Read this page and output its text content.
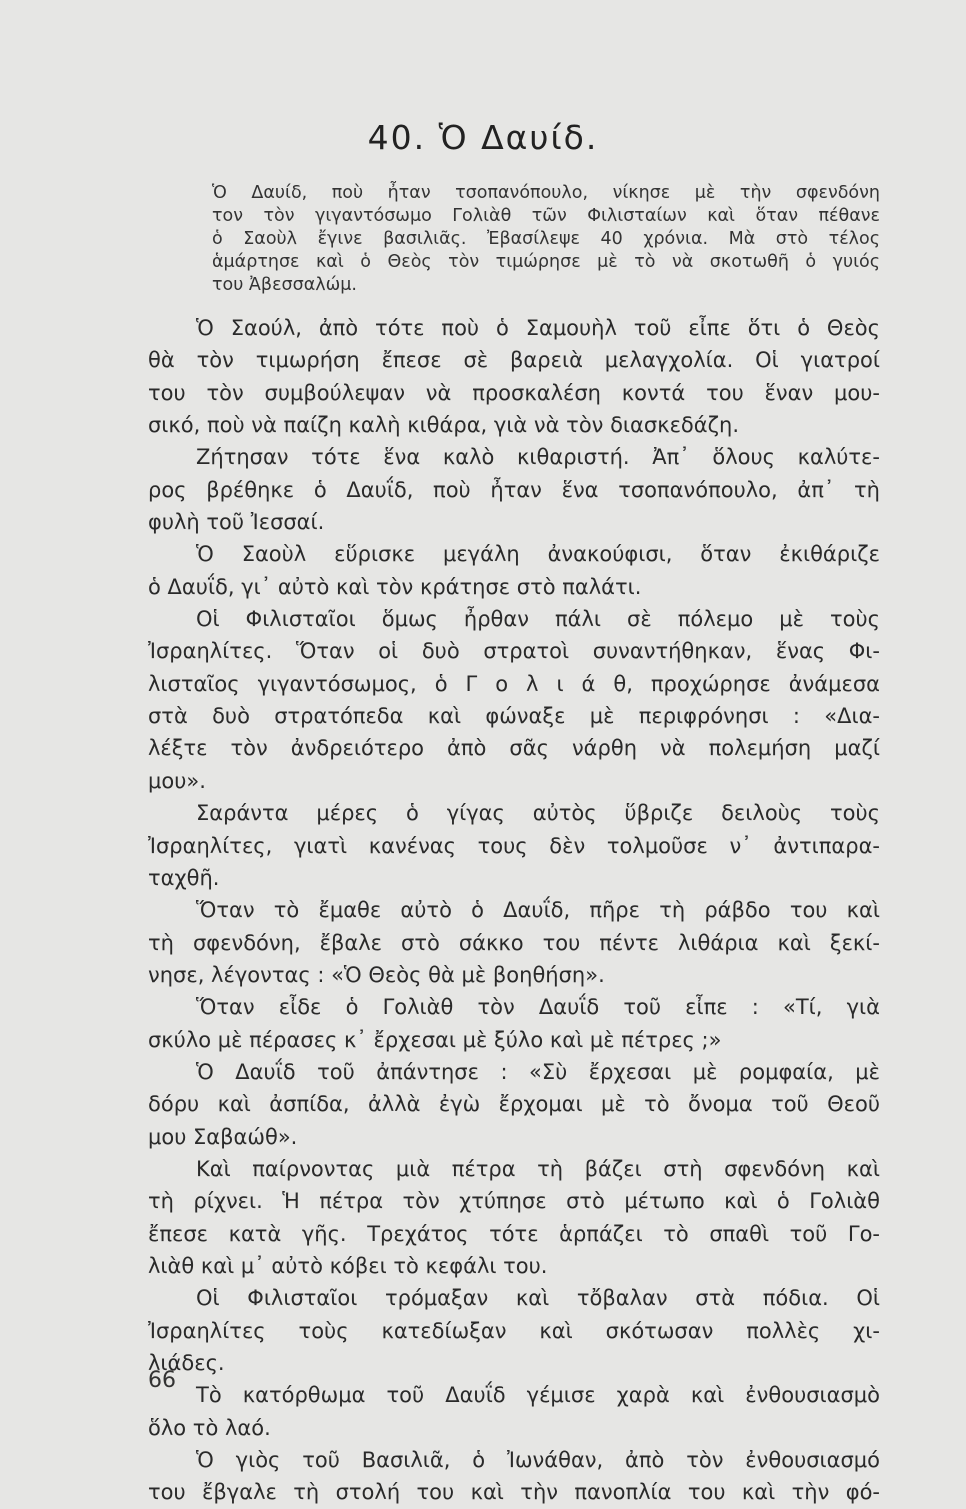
40. Ὁ Δαυίδ.
Ὁ Δαυίδ, ποὺ ἦταν τσοπανόπουλο, νίκησε μὲ τὴν σφενδόνη
τον τὸν γιγαντόσωμο Γολιὰθ τῶν Φιλισταίων καὶ ὅταν πέθανε
ὁ Σαοὺλ ἔγινε βασιλιᾶς. Ἐβασίλεψε 40 χρόνια. Μὰ στὸ τέλος
ἁμάρτησε καὶ ὁ Θεὸς τὸν τιμώρησε μὲ τὸ νὰ σκοτωθῆ ὁ γυιός
του Ἀβεσσαλώμ.
Ὁ Σαούλ, ἀπὸ τότε ποὺ ὁ Σαμουὴλ τοῦ εἶπε ὅτι ὁ Θεὸς
θὰ τὸν τιμωρήση ἔπεσε σὲ βαρειὰ μελαγχολία. Οἱ γιατροί
του τὸν συμβούλεψαν νὰ προσκαλέση κοντά του ἕναν μου-
σικό, ποὺ νὰ παίζη καλὴ κιθάρα, γιὰ νὰ τὸν διασκεδάζη.
Ζήτησαν τότε ἕνα καλὸ κιθαριστή. Ἀπ᾽ ὅλους καλύτε-
ρος βρέθηκε ὁ Δαυΐδ, ποὺ ἦταν ἕνα τσοπανόπουλο, ἀπ᾽ τὴ
φυλὴ τοῦ Ἰεσσαί.
Ὁ Σαοὺλ εὕρισκε μεγάλη ἀνακούφισι, ὅταν ἐκιθάριζε
ὁ Δαυΐδ, γι᾽ αὐτὸ καὶ τὸν κράτησε στὸ παλάτι.
Οἱ Φιλισταῖοι ὅμως ἦρθαν πάλι σὲ πόλεμο μὲ τοὺς
Ἰσραηλίτες. Ὅταν οἱ δυὸ στρατοὶ συναντήθηκαν, ἕνας Φι-
λισταῖος γιγαντόσωμος, ὁ Γ ο λ ι ά θ, προχώρησε ἀνάμεσα
στὰ δυὸ στρατόπεδα καὶ φώναξε μὲ περιφρόνησι : «Δια-
λέξτε τὸν ἀνδρειότερο ἀπὸ σᾶς νάρθη νὰ πολεμήση μαζί
μου».
Σαράντα μέρες ὁ γίγας αὐτὸς ὕβριζε δειλοὺς τοὺς
Ἰσραηλίτες, γιατὶ κανένας τους δὲν τολμοῦσε ν᾽ ἀντιπαρα-
ταχθῆ.
Ὅταν τὸ ἔμαθε αὐτὸ ὁ Δαυΐδ, πῆρε τὴ ράβδο του καὶ
τὴ σφενδόνη, ἔβαλε στὸ σάκκο του πέντε λιθάρια καὶ ξεκί-
νησε, λέγοντας : «Ὁ Θεὸς θὰ μὲ βοηθήση».
Ὅταν εἶδε ὁ Γολιὰθ τὸν Δαυΐδ τοῦ εἶπε : «Τί, γιὰ
σκύλο μὲ πέρασες κ᾽ ἔρχεσαι μὲ ξύλο καὶ μὲ πέτρες ;»
Ὁ Δαυΐδ τοῦ ἀπάντησε : «Σὺ ἔρχεσαι μὲ ρομφαία, μὲ
δόρυ καὶ ἀσπίδα, ἀλλὰ ἐγὼ ἔρχομαι μὲ τὸ ὄνομα τοῦ Θεοῦ
μου Σαβαώθ».
Καὶ παίρνοντας μιὰ πέτρα τὴ βάζει στὴ σφενδόνη καὶ
τὴ ρίχνει. Ἡ πέτρα τὸν χτύπησε στὸ μέτωπο καὶ ὁ Γολιὰθ
ἔπεσε κατὰ γῆς. Τρεχάτος τότε ἁρπάζει τὸ σπαθὶ τοῦ Γο-
λιὰθ καὶ μ᾽ αὐτὸ κόβει τὸ κεφάλι του.
Οἱ Φιλισταῖοι τρόμαξαν καὶ τὄβαλαν στὰ πόδια. Οἱ
Ἰσραηλίτες τοὺς κατεδίωξαν καὶ σκότωσαν πολλὲς χι-
λιάδες.
Τὸ κατόρθωμα τοῦ Δαυΐδ γέμισε χαρὰ καὶ ἐνθουσιασμὸ
ὅλο τὸ λαό.
Ὁ γιὸς τοῦ Βασιλιᾶ, ὁ Ἰωνάθαν, ἀπὸ τὸν ἐνθουσιασμό
του ἔβγαλε τὴ στολή του καὶ τὴν πανοπλία του καὶ τὴν φό-
66
